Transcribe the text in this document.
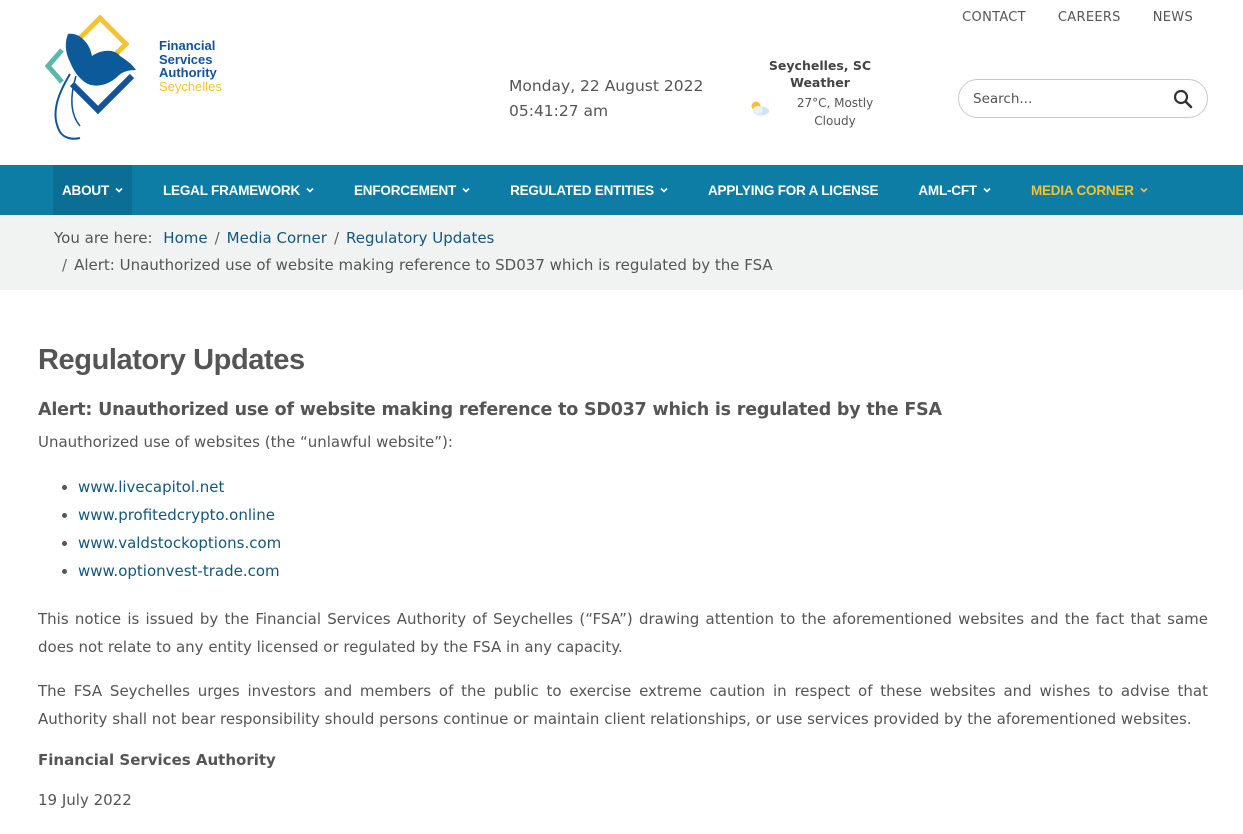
Financial
Services
Authority
Seychelles	Monday, 22 August 2022
05:41:27 am
Seychelles, SC Weather
27°C, Mostly Cloudy
CONTACT CAREERS NEWS
Search...
ABOUT	LEGAL FRAMEWORK	ENFORCEMENT	REGULATED ENTITIES	APPLYING FOR A LICENSE	AML-CFT	MEDIA CORNER
You are here: Home / Media Corner / Regulatory Updates
/ Alert: Unauthorized use of website making reference to SD037 which is regulated by the FSA
Regulatory Updates
Alert: Unauthorized use of website making reference to SD037 which is regulated by the FSA

Unauthorized use of websites (the “unlawful website”):

• www.livecapitol.net
• www.profitedcrypto.online
• www.valdstockoptions.com
• www.optionvest-trade.com

This notice is issued by the Financial Services Authority of Seychelles (“FSA”) drawing attention to the aforementioned websites and the fact that same does not relate to any entity licensed or regulated by the FSA in any capacity.

The FSA Seychelles urges investors and members of the public to exercise extreme caution in respect of these websites and wishes to advise that Authority shall not bear responsibility should persons continue or maintain client relationships, or use services provided by the aforementioned websites.

Financial Services Authority

19 July 2022
